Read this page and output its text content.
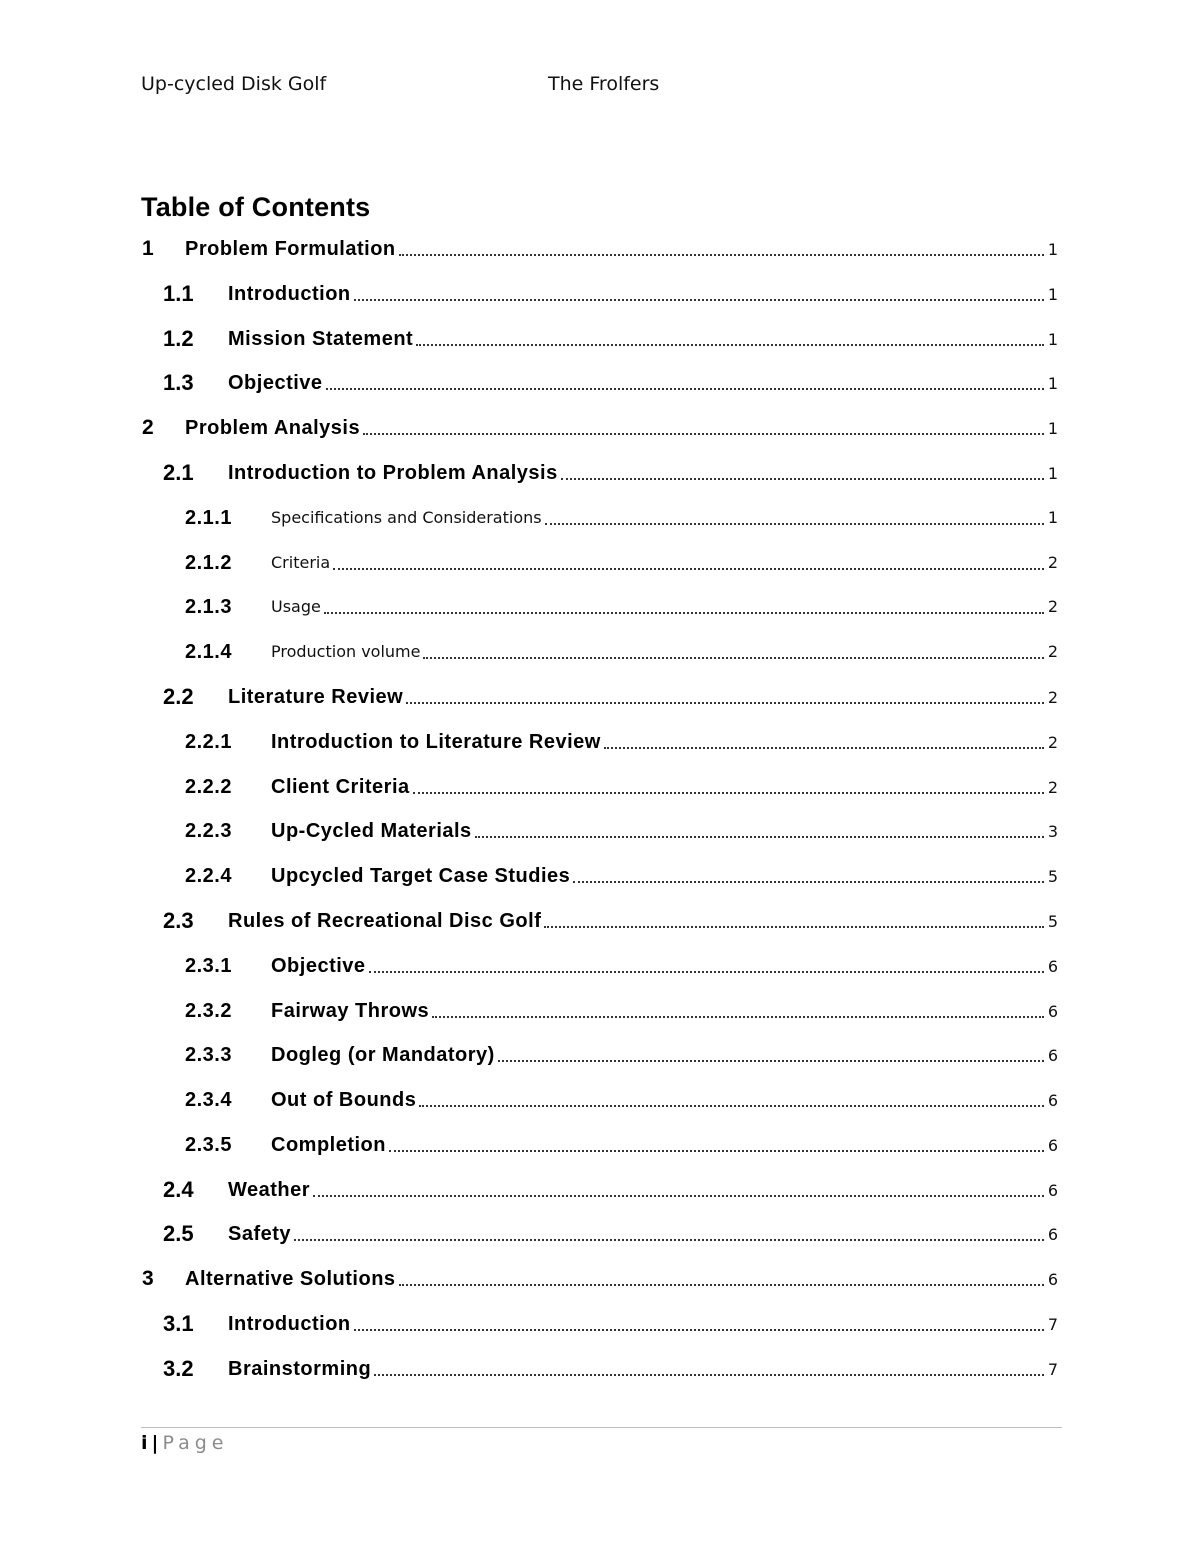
Up-cycled Disk Golf	The Frolfers
Table of Contents
1 Problem Formulation	1
1.1 Introduction	1
1.2 Mission Statement	1
1.3 Objective	1
2 Problem Analysis	1
2.1 Introduction to Problem Analysis	1
2.1.1 Specifications and Considerations	1
2.1.2 Criteria	2
2.1.3 Usage	2
2.1.4 Production volume	2
2.2 Literature Review	2
2.2.1 Introduction to Literature Review	2
2.2.2 Client Criteria	2
2.2.3 Up-Cycled Materials	3
2.2.4 Upcycled Target Case Studies	5
2.3 Rules of Recreational Disc Golf	5
2.3.1 Objective	6
2.3.2 Fairway Throws	6
2.3.3 Dogleg (or Mandatory)	6
2.3.4 Out of Bounds	6
2.3.5 Completion	6
2.4 Weather	6
2.5 Safety	6
3 Alternative Solutions	6
3.1 Introduction	7
3.2 Brainstorming	7
i | Page
